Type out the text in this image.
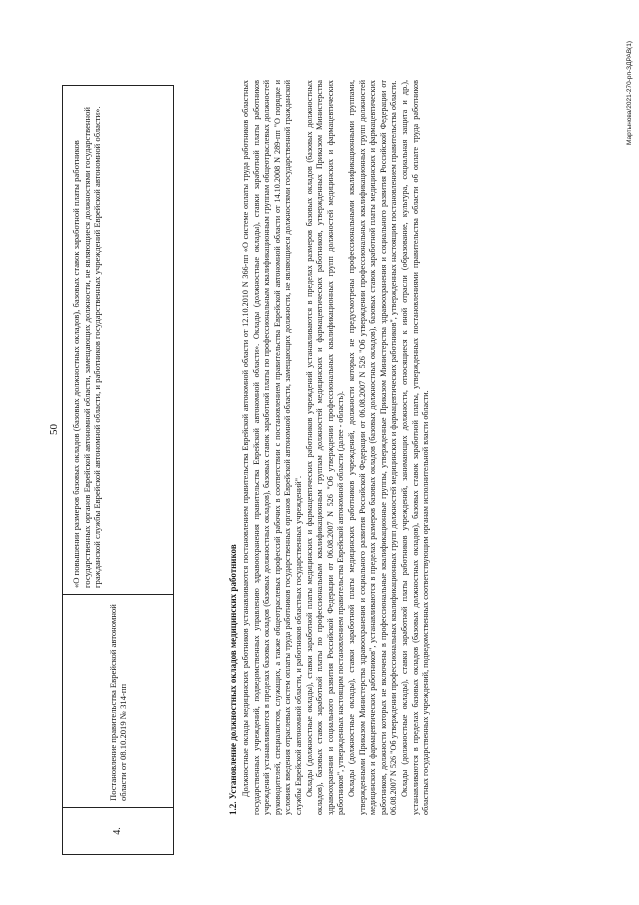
50
4.	Постановление правительства Еврейской автономной области от 08.10.2019 № 314-пп	«О повышении размеров базовых окладов (базовых должностных окладов), базовых ставок заработной платы работников государственных органов Еврейской автономной области, замещающих должности, не являющиеся должностями государственной гражданской службы Еврейской автономной области, и работников государственных учреждений Еврейской автономной области».
1.2. Установление должностных окладов медицинских работников Должностные оклады медицинских работников устанавливаются постановлением правительства Еврейской автономной области от 12.10.2010 N 366-пп «О системе оплаты труда работников областных государственных учреждений, подведомственных управлению здравоохранения правительства Еврейской автономной области». Оклады (должностные оклады), ставки заработной платы работников учреждений устанавливаются в пределах базовых окладов (базовых должностных окладов), базовых ставок заработной платы по профессиональным квалификационным группам общеотраслевых должностей руководителей, специалистов, служащих, а также общеотраслевых профессий рабочих в соответствии с постановлением правительства Еврейской автономной области от 14.10.2008 N 289-пп "О порядке и условиях введения отраслевых систем оплаты труда работников государственных органов Еврейской автономной области, замещающих должности, не являющиеся должностями государственной гражданской службы Еврейской автономной области, и работников областных государственных учреждений". Оклады (должностные оклады), ставки заработной платы медицинских и фармацевтических работников учреждений устанавливаются в пределах размеров базовых окладов (базовых должностных окладов), базовых ставок заработной платы по профессиональным квалификационным группам должностей медицинских и фармацевтических работников, утвержденных Приказом Министерства здравоохранения и социального развития Российской Федерации от 06.08.2007 N 526 "Об утверждении профессиональных квалификационных групп должностей медицинских и фармацевтических работников", утвержденных настоящим постановлением правительства Еврейской автономной области (далее - область). Оклады (должностные оклады), ставки заработной платы медицинских работников учреждений, должности которых не предусмотрены профессиональными квалификационными группами, утвержденными Приказом Министерства здравоохранения и социального развития Российской Федерации от 06.08.2007 N 526 "Об утверждении профессиональных квалификационных групп должностей медицинских и фармацевтических работников", устанавливаются в пределах размеров базовых окладов (базовых должностных окладов), базовых ставок заработной платы медицинских и фармацевтических работников, должности которых не включены в профессиональные квалификационные группы, утвержденные Приказом Министерства здравоохранения и социального развития Российской Федерации от 06.08.2007 N 526 "Об утверждении профессиональных квалификационных групп должностей медицинских и фармацевтических работников", утвержденных настоящим постановлением правительства области. Оклады (должностные оклады), ставки заработной платы работников учреждений, занимающих должности, относящиеся к иной отрасли (образование, культура, социальная защита и др.), устанавливаются в пределах базовых окладов (базовых должностных окладов), базовых ставок заработной платы, утвержденных постановлениями правительства области об оплате труда работников областных государственных учреждений, подведомственных соответствующим органам исполнительной власти области.

Мартынова/2021-270-рп-ЗДРАВ(1)
